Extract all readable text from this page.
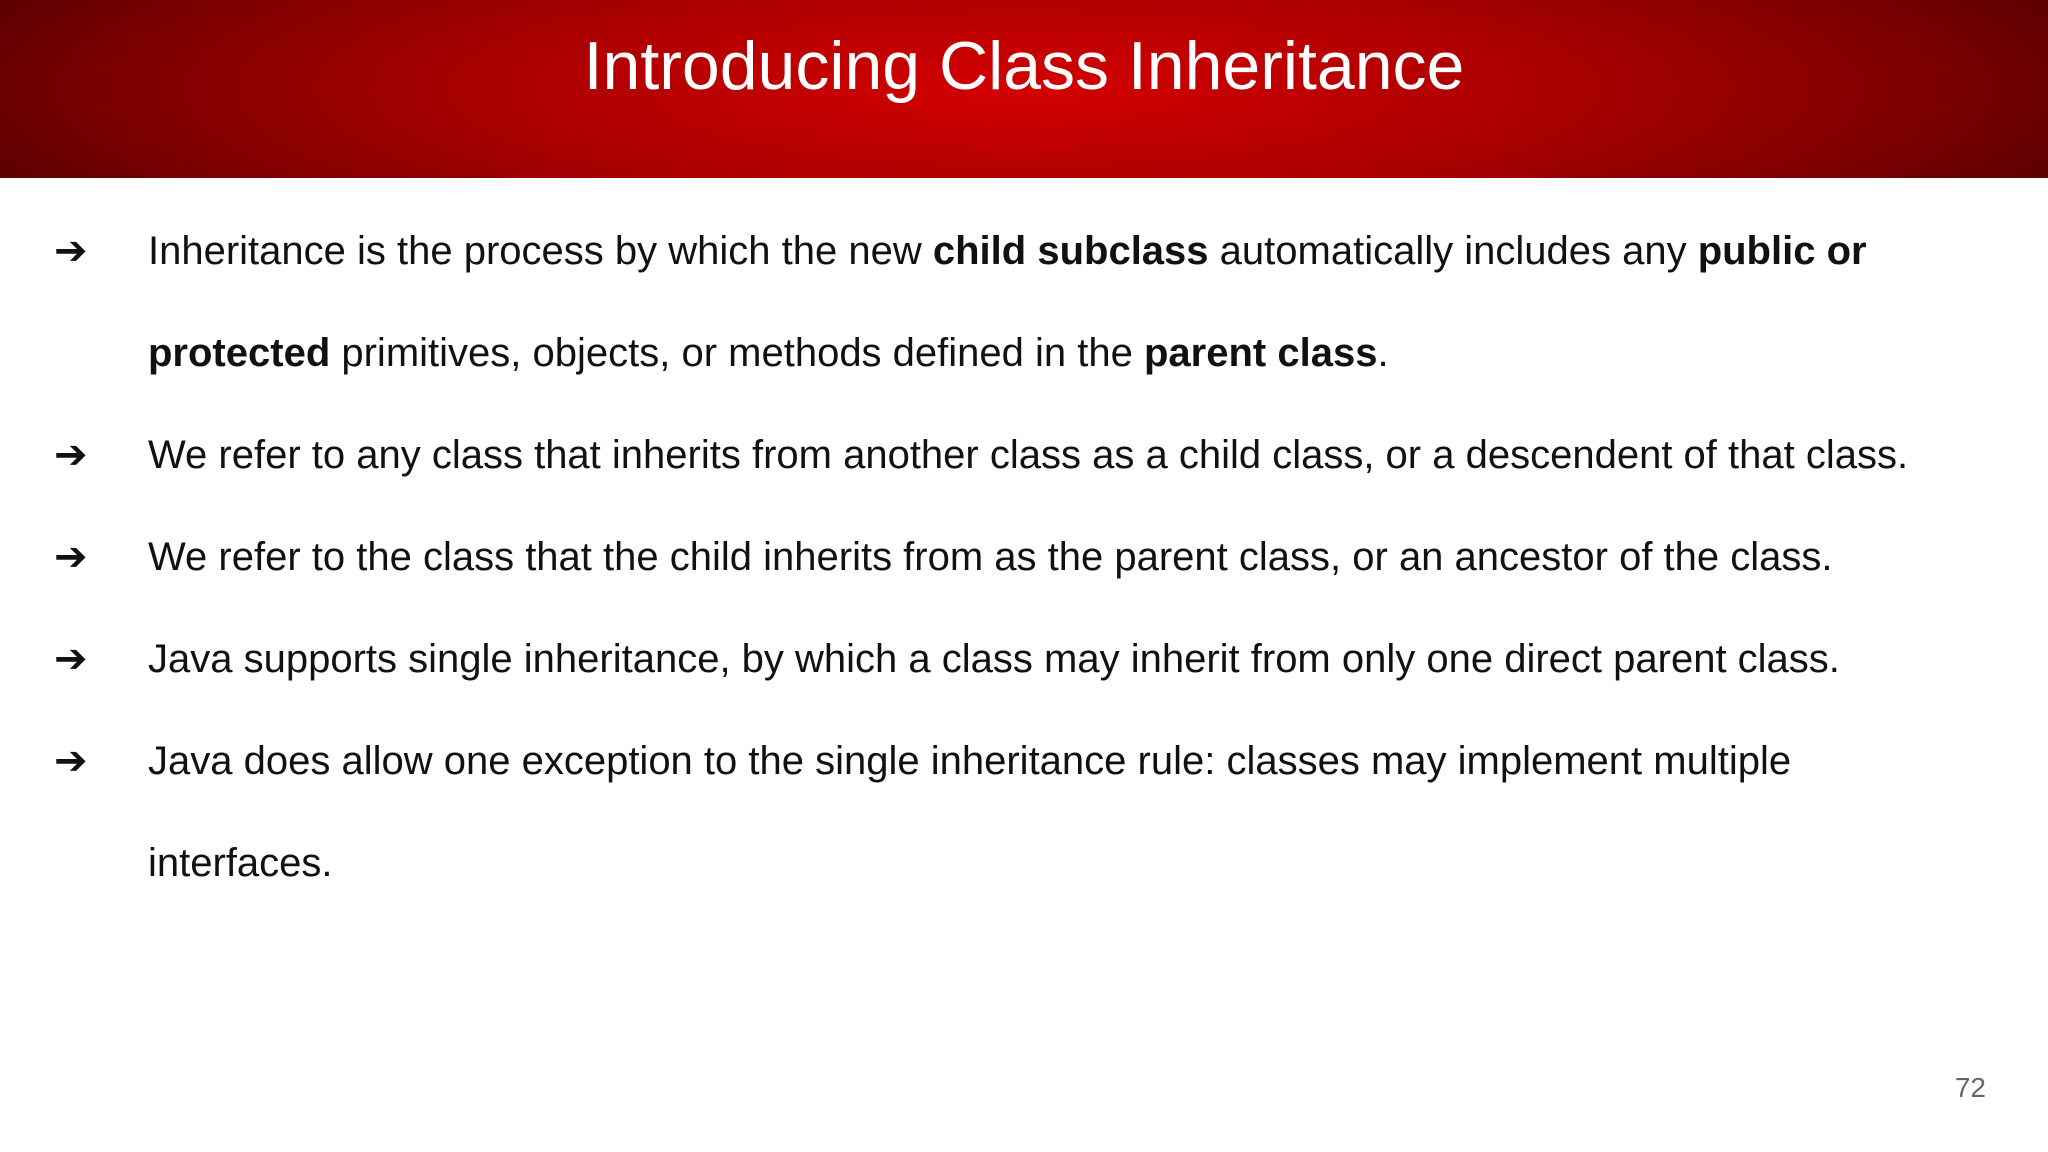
Introducing Class Inheritance
➔	Inheritance is the process by which the new child subclass automatically includes any public or protected primitives, objects, or methods defined in the parent class.
➔	We refer to any class that inherits from another class as a child class, or a descendent of that class.
➔	We refer to the class that the child inherits from as the parent class, or an ancestor of the class.
➔	Java supports single inheritance, by which a class may inherit from only one direct parent class.
➔	Java does allow one exception to the single inheritance rule: classes may implement multiple interfaces.
72
